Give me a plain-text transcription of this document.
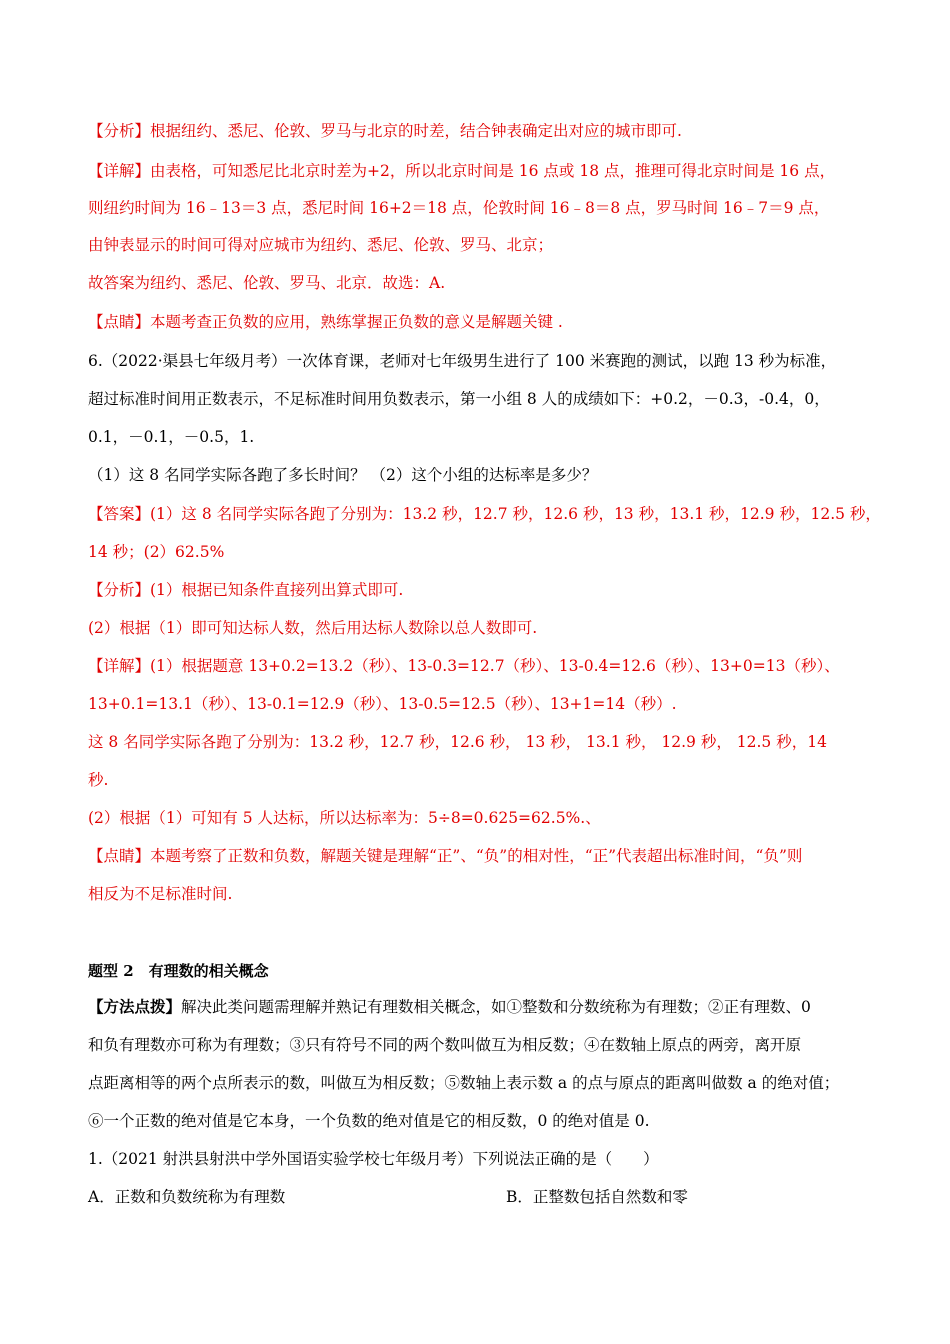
【分析】根据纽约、悉尼、伦敦、罗马与北京的时差，结合钟表确定出对应的城市即可.
【详解】由表格，可知悉尼比北京时差为+2，所以北京时间是 16 点或 18 点，推理可得北京时间是 16 点，
则纽约时间为 16﹣13＝3 点，悉尼时间 16+2＝18 点，伦敦时间 16﹣8＝8 点，罗马时间 16﹣7＝9 点，
由钟表显示的时间可得对应城市为纽约、悉尼、伦敦、罗马、北京；
故答案为纽约、悉尼、伦敦、罗马、北京．故选：A.
【点睛】本题考查正负数的应用，熟练掌握正负数的意义是解题关键 .
6.（2022·渠县七年级月考）一次体育课，老师对七年级男生进行了 100 米赛跑的测试，以跑 13 秒为标准，
超过标准时间用正数表示，不足标准时间用负数表示，第一小组 8 人的成绩如下：+0.2，－0.3，-0.4，0，
0.1，－0.1，－0.5，1.
（1）这 8 名同学实际各跑了多长时间？ （2）这个小组的达标率是多少？
【答案】(1）这 8 名同学实际各跑了分别为：13.2 秒，12.7 秒，12.6 秒，13 秒，13.1 秒，12.9 秒，12.5 秒，
14 秒；(2）62.5%
【分析】(1）根据已知条件直接列出算式即可.
(2）根据（1）即可知达标人数，然后用达标人数除以总人数即可.
【详解】(1）根据题意 13+0.2=13.2（秒）、13-0.3=12.7（秒）、13-0.4=12.6（秒）、13+0=13（秒）、
13+0.1=13.1（秒）、13-0.1=12.9（秒）、13-0.5=12.5（秒）、13+1=14（秒）.
这 8 名同学实际各跑了分别为：13.2 秒，12.7 秒，12.6 秒， 13 秒， 13.1 秒， 12.9 秒， 12.5 秒，14
秒.
(2）根据（1）可知有 5 人达标，所以达标率为：5÷8=0.625=62.5%.、
【点睛】本题考察了正数和负数，解题关键是理解“正”、“负”的相对性，“正”代表超出标准时间，“负”则
相反为不足标准时间.
题型 2　有理数的相关概念
【方法点拨】解决此类问题需理解并熟记有理数相关概念，如①整数和分数统称为有理数；②正有理数、0
和负有理数亦可称为有理数；③只有符号不同的两个数叫做互为相反数；④在数轴上原点的两旁，离开原
点距离相等的两个点所表示的数，叫做互为相反数；⑤数轴上表示数 a 的点与原点的距离叫做数 a 的绝对值；
⑥一个正数的绝对值是它本身，一个负数的绝对值是它的相反数，0 的绝对值是 0.
1.（2021 射洪县射洪中学外国语实验学校七年级月考）下列说法正确的是（　　）
A．正数和负数统称为有理数	B．正整数包括自然数和零
